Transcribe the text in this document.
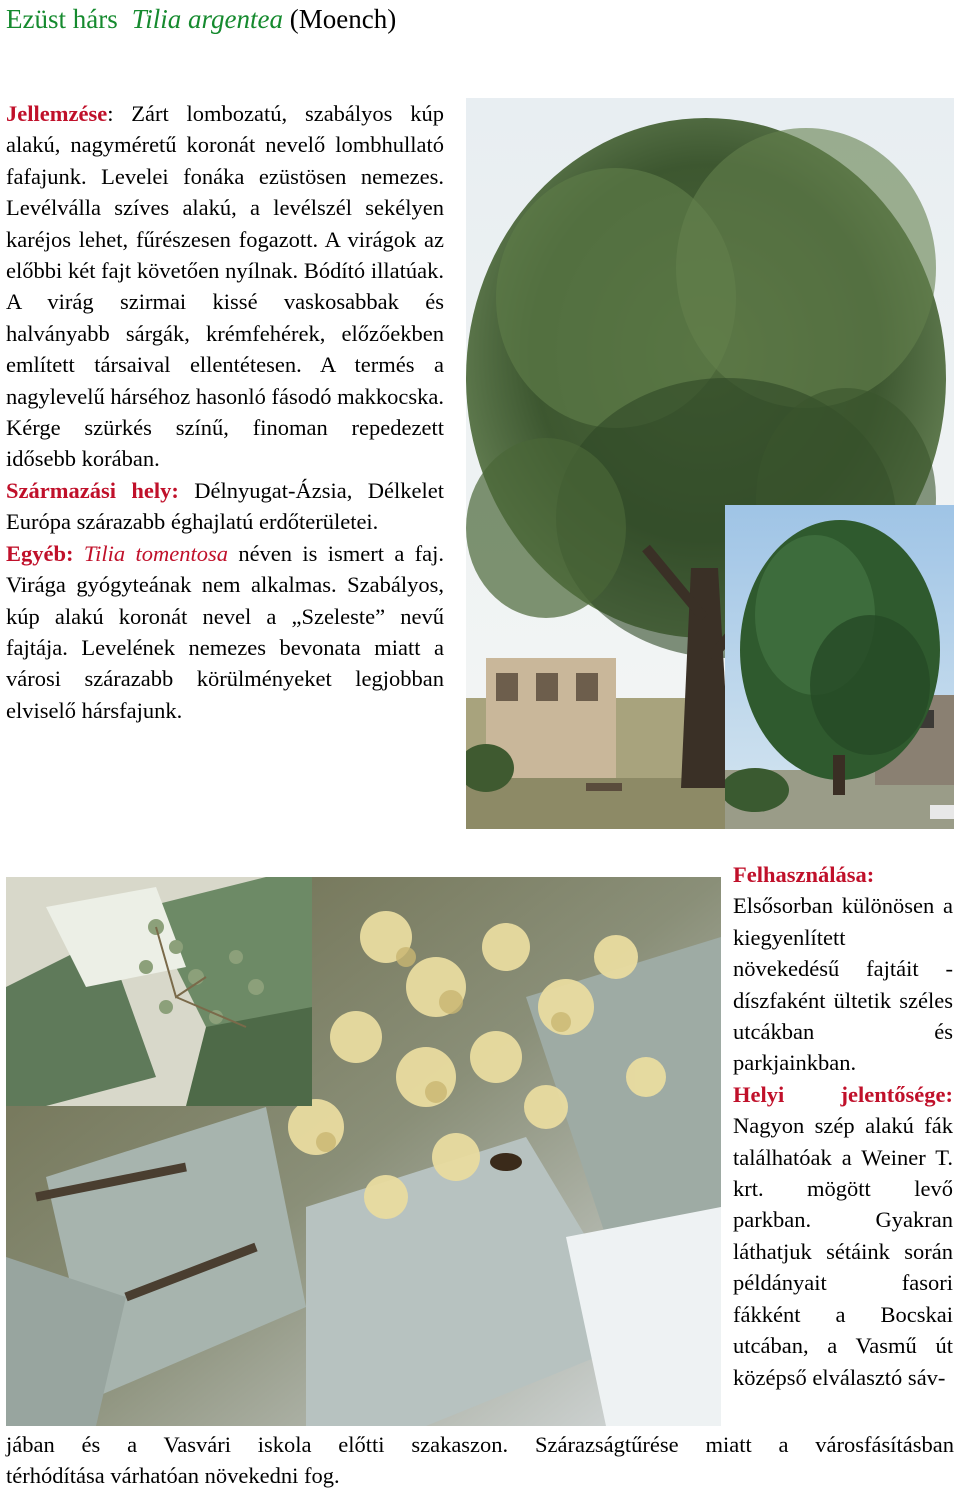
Ezüst hárs Tilia argentea (Moench)

Jellemzése: Zárt lombozatú, szabályos kúp alakú, nagyméretű koronát nevelő lombhullató fafajunk. Levelei fonáka ezüstösen nemezes. Levélválla szíves alakú, a levélszél sekélyen karéjos lehet, fűrészesen fogazott. A virágok az előbbi két fajt követően nyílnak. Bódító illatúak. A virág szirmai kissé vaskosabbak és halványabb sárgák, krémfehérek, előzőekben említett társaival ellentétesen. A termés a nagylevelű hárséhoz hasonló fásodó makkocska. Kérge szürkés színű, finoman repedezett idősebb korában.

Származási hely: Délnyugat-Ázsia, Délkelet Európa szárazabb éghajlatú erdőterületei.

Egyéb: Tilia tomentosa néven is ismert a faj. Virága gyógyteának nem alkalmas. Szabályos, kúp alakú koronát nevel a „Szeleste” nevű fajtája. Levelének nemezes bevonata miatt a városi szárazabb körülményeket legjobban elviselő hársfajunk.

Felhasználása: Elsősorban különösen a kiegyenlített növekedésű fajtáit - díszfaként ültetik széles utcákban és parkjainkban.

Helyi jelentősége: Nagyon szép alakú fák találhatóak a Weiner T. krt. mögött levő parkban. Gyakran láthatjuk sétáink során példányait fasori fákként a Bocskai utcában, a Vasmű út középső elválasztó sáv-

jában és a Vasvári iskola előtti szakaszon. Szárazságtűrése miatt a városfásításban
térhódítása várhatóan növekedni fog.
